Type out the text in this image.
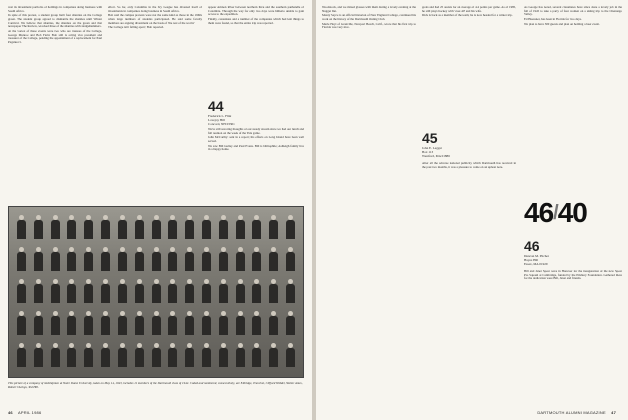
vest its investment portfolio of holdings in companies doing business with South Africa.

In spite of this protest, a student group built four shanties on the College green. The student group agreed to dismantle the shanties until Winter Carnival. We believe that shanties, the shanties on the green and that newspaper The Review, wrecked three of the shanties with sledgehammers.

At the vortex of these events were two who are trustees of the College, George Munroe and Bob Field. Bob still is acting vice president and treasurer of the College, pending the appointment of a replacement for Paul Paganucci.

effort. So far, only Columbia in the Ivy League has divested itself of investments in companies doing business in South Africa.

Bob said the campus protests were not the same kind as those in the 1960s when large numbers of students participated. He said some faculty members are arguing divestment on the basis of 'the rest of the world.'

The College isn't falling apart,' Bob reported.

appear Amnon River between northern Peru and the southern panhandle of Colombia. Through the way for only two days were hitherto unable to gain access to the expedition.

Finally, consulates and a number of the companies which had lent things to them were found, so that the entire trip was reported .

44
Frederick L. Flint
Lovejoy Hill
Concord, NH 03301

We're still savoring thoughts of our steady stream since we had our lunch and fall reunion on the week of the Yale game.

John McCarthy: sent in a report; his efforts on Long Island have been well served.

We saw Bill Gulley and Paul Evans. Bill is bibliophile; Ashleigh family live in a happy home.

This picture of a company of midshipmen at Notre Dame University, taken on May 14, 1943, includes 11 members of the Dartmouth class of 1942. Coded and numbered, consecutively, are Eldridge, Tranchet, Clifford Widder, Walter Ames, Robert Owings, Ted Hill.
46 APRIL 1986

Woodstock, and we mixed glasses with them during a lovely evening at the Nugget Inn.

Monty Sayce is an official historian of New England College, continued his work on the history of the Dartmouth Outing Club.

Merle Hoyt of Granville, Newport Beach, Calif., wrote that his first trip to Florida was very nice.

goals and had 25 assists for an average of 4.4 points per game. As of 1985, he still plays hockey with 'over-40' and his wife.

Dick is back as a member of the team; he is now headed for a winter trip.

45
John E. Leggat
Box 113
Westford, MA 01886

After all the adverse national publicity which Dartmouth has received in the past two months, it was a pleasure to come on an upbeat note.

As George has noted, several classmates have since done a lovely job in the fall of 1945 to take a party of four women on a skiing trip to the Chenango Valley.

Ed Huessner, has been in Florida for two days.

We plan to have 300 guests and plan on holding a beer event.

46/40
46
Duncan M. Pitcher
Hayes Hill
Essex, MA 01929

Bill and Janet Spear were in Hanover for the inauguration of the new Spear Pro Squash at Cambridge, funded by the Pilsbury Foundation. Gathered there for the dedication were Bill, Janet and friends.

DARTMOUTH ALUMNI MAGAZINE 47
